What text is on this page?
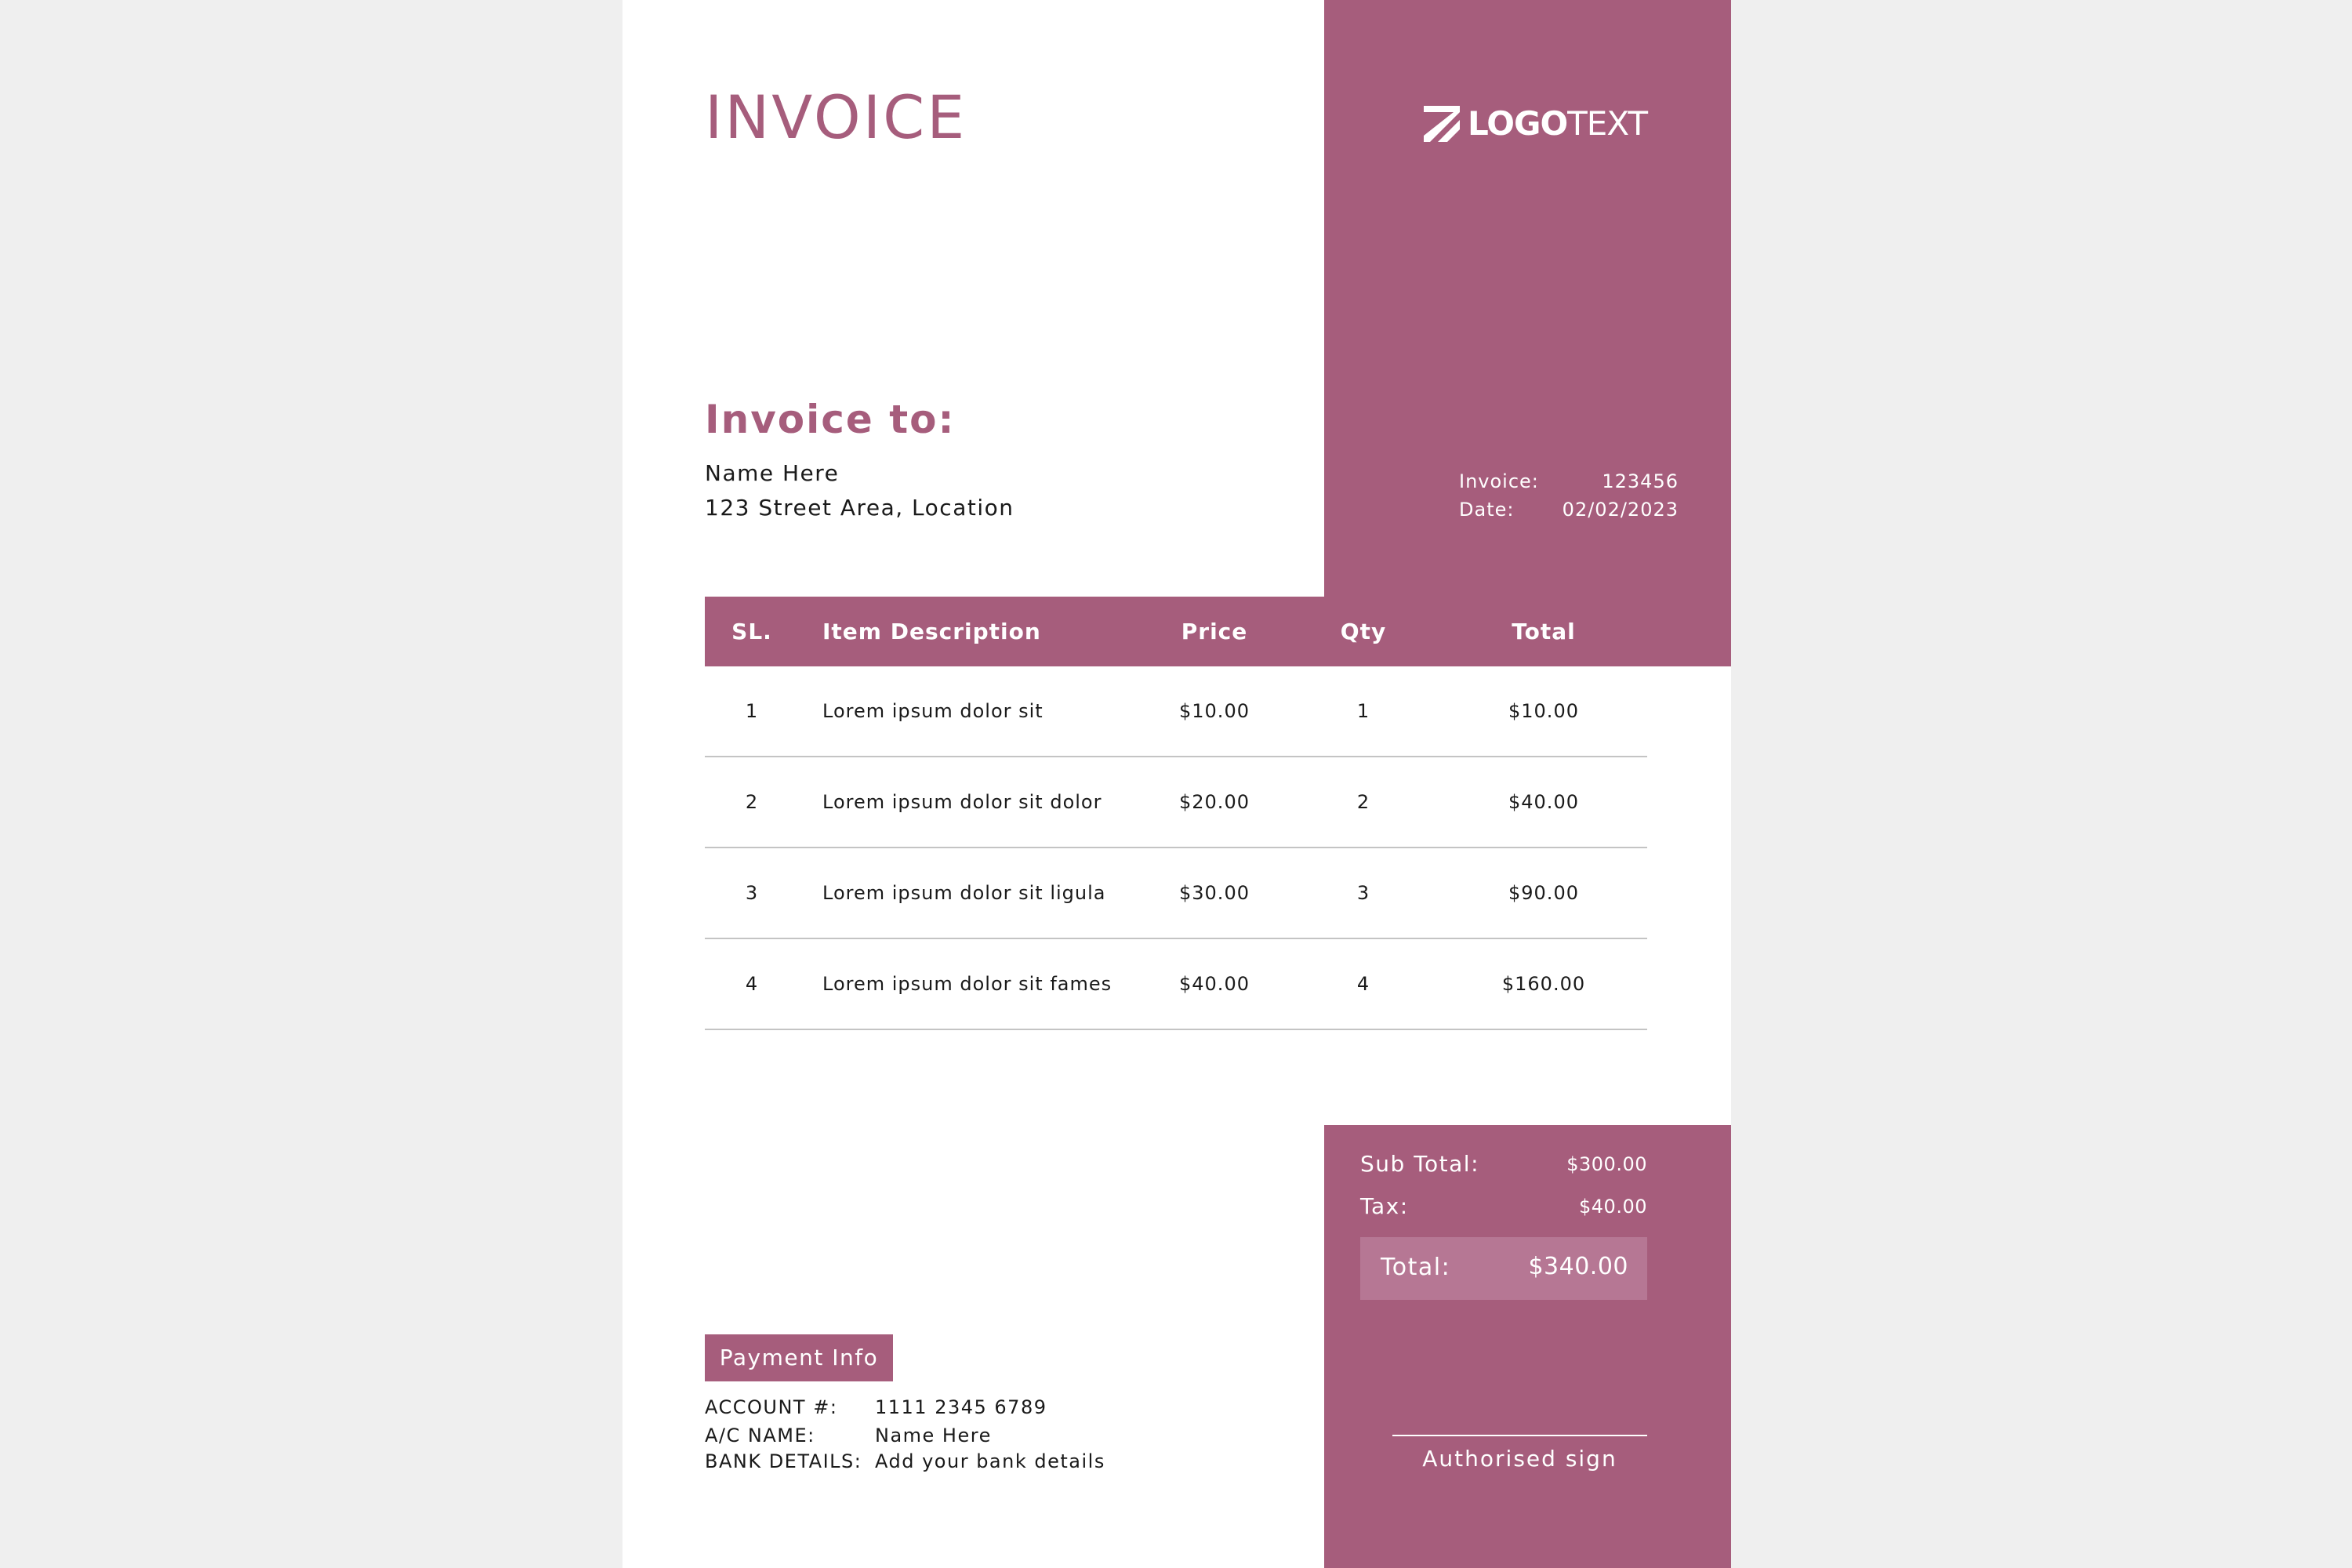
INVOICE	LOGOTEXT
Invoice to:
Name Here
123 Street Area, Location
Invoice:	123456
Date:	02/02/2023
SL.	Item Description	Price	Qty	Total
1	Lorem ipsum dolor sit	$10.00	1	$10.00
2	Lorem ipsum dolor sit dolor	$20.00	2	$40.00
3	Lorem ipsum dolor sit ligula	$30.00	3	$90.00
4	Lorem ipsum dolor sit fames	$40.00	4	$160.00
Sub Total:	$300.00
Tax:	$40.00
Total:	$340.00
Authorised sign
Payment Info
ACCOUNT #: 1111 2345 6789
A/C NAME:	Name Here
BANK DETAILS: Add your bank details
